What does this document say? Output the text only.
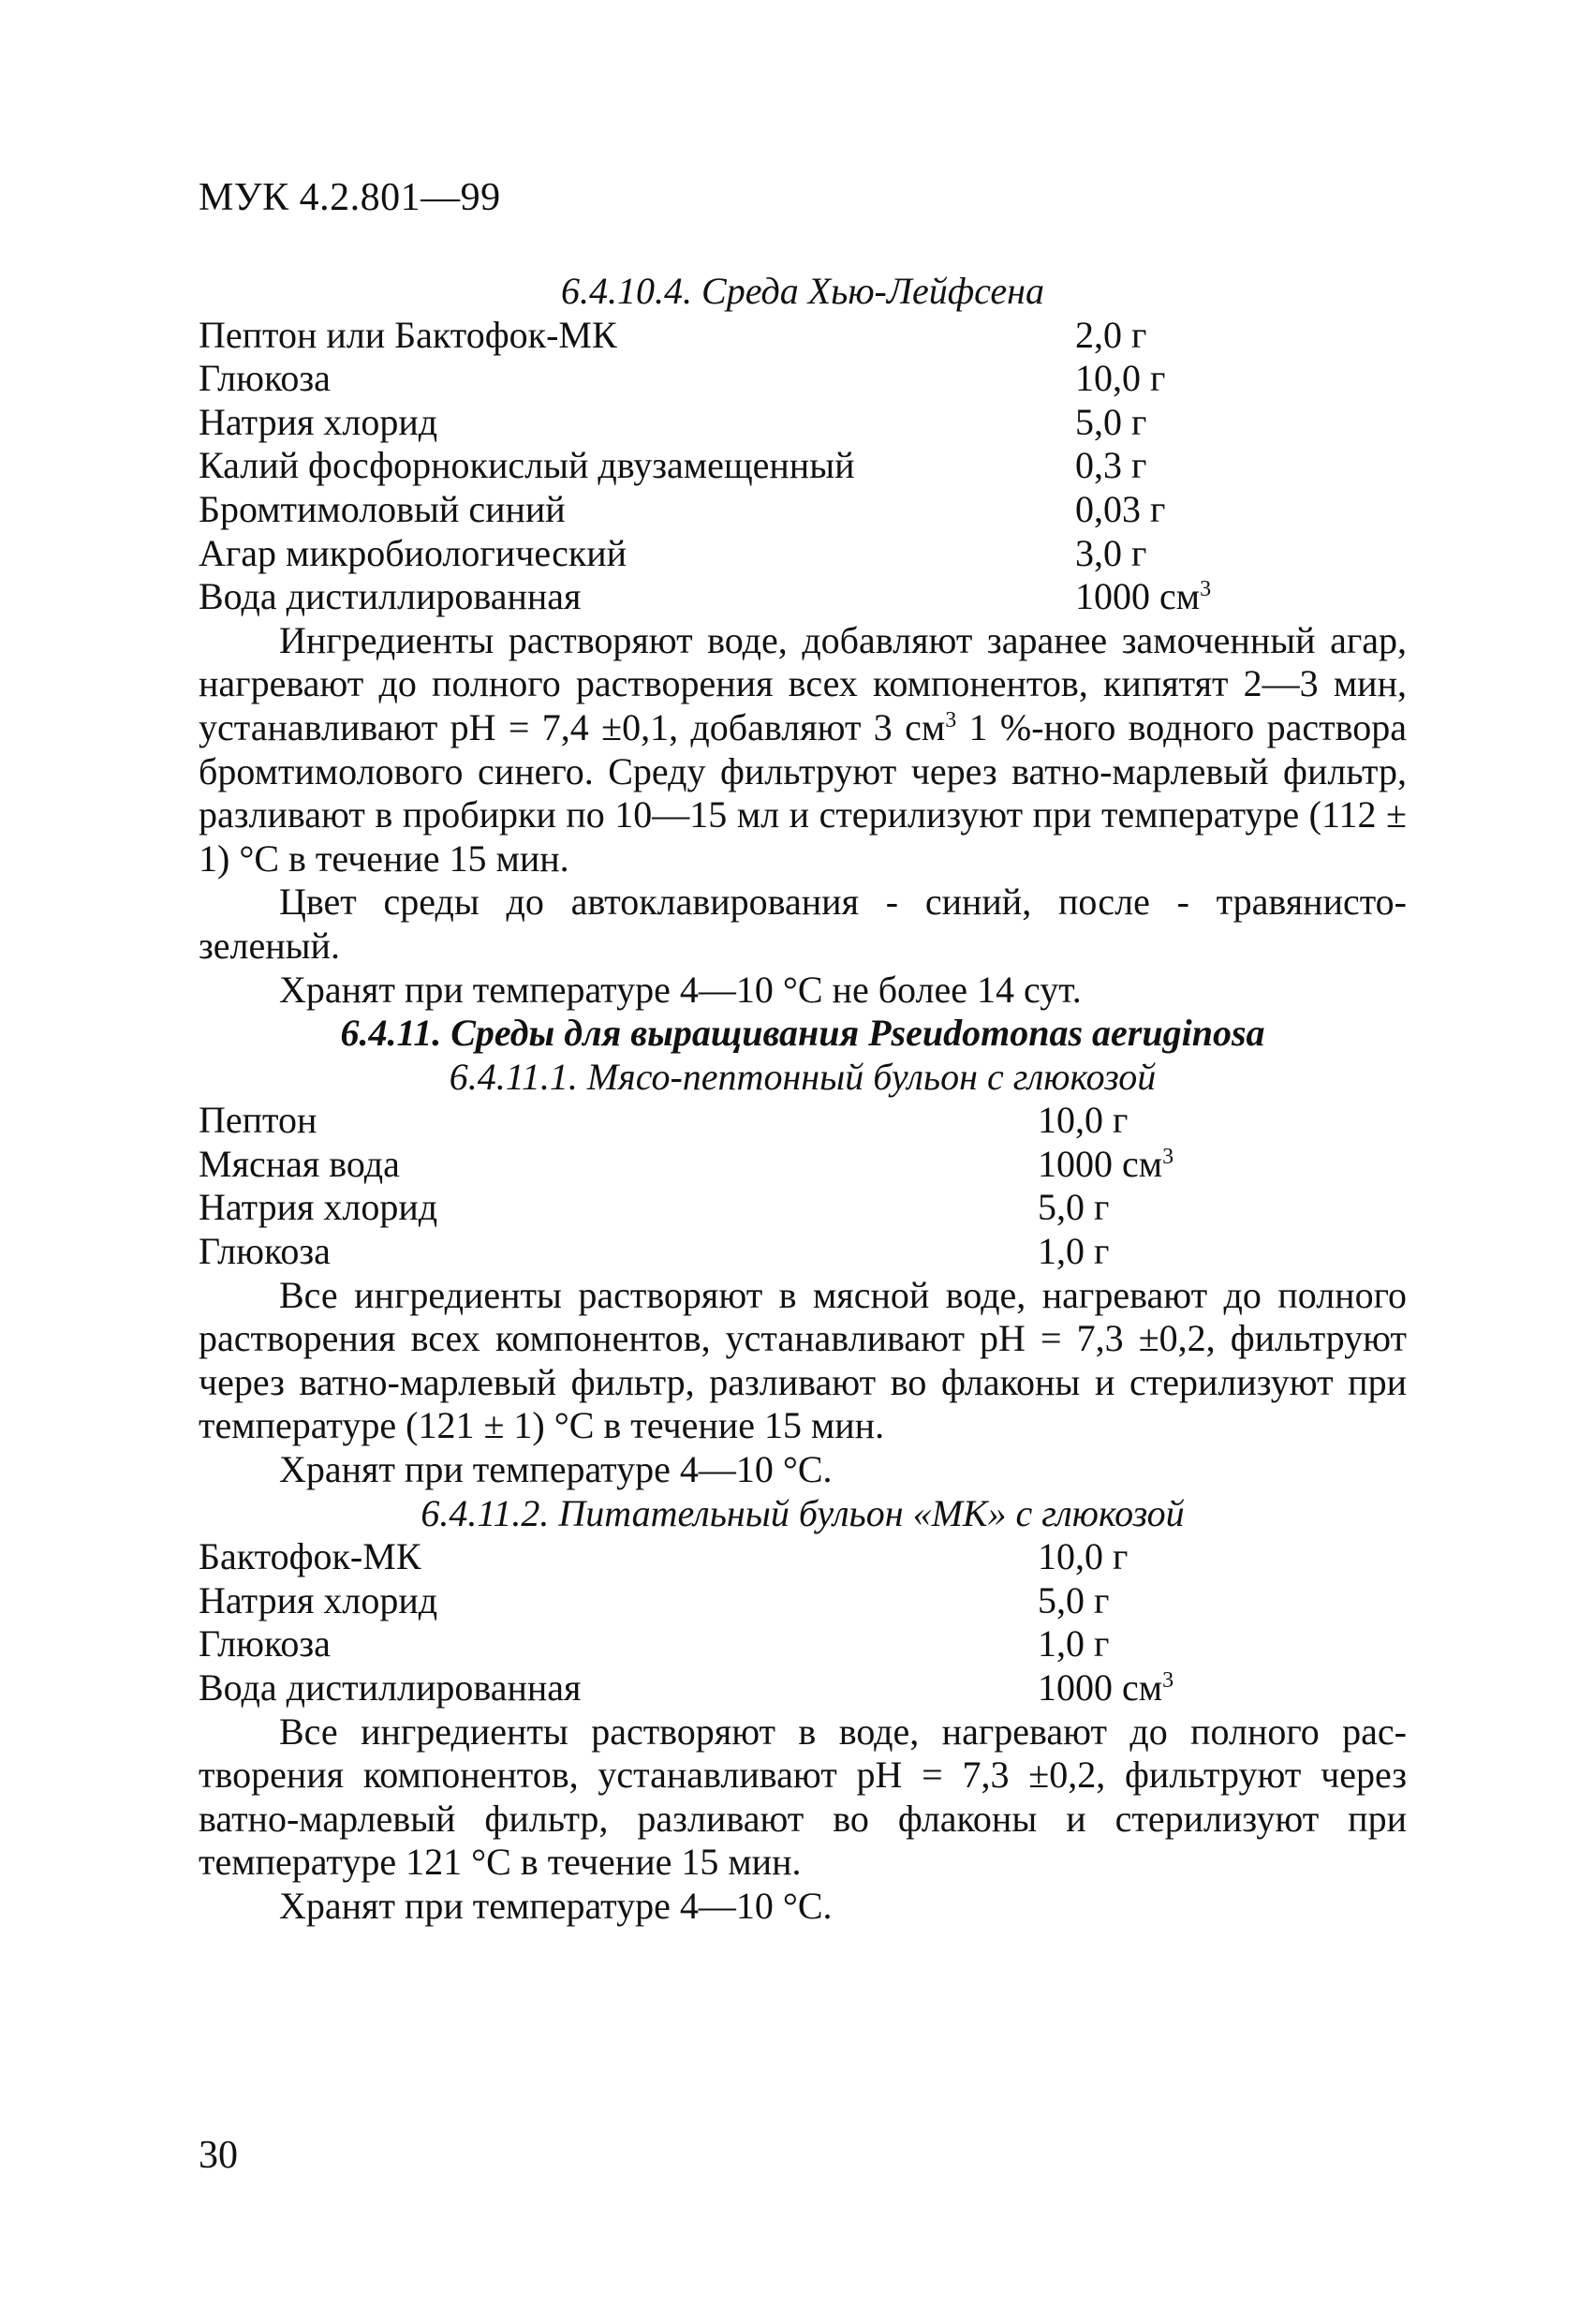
МУК 4.2.801—99

6.4.10.4. Среда Хью-Лейфсена

Пептон или Бактофок-МК	2,0 г
Глюкоза	10,0 г
Натрия хлорид	5,0 г
Калий фосфорнокислый двузамещенный	0,3 г
Бромтимоловый синий	0,03 г
Агар микробиологический	3,0 г
Вода дистиллированная	1000 $см^3$

Ингредиенты растворяют воде, добавляют заранее замоченный агар, нагревают до полного растворения всех компонентов, кипятят 2—3 мин, устанавливают pH = 7,4 ±0,1, добавляют 3 $см^3$ 1 %-ного водного раствора бромтимолового синего. Среду фильтруют через ватно-марлевый фильтр, разливают в пробирки по 10—15 мл и стерилизуют при температуре (112 ± 1) °С в течение 15 мин.

Цвет среды до автоклавирования - синий, после - травянисто-зеленый.

Хранят при температуре 4—10 °С не более 14 сут.

6.4.11. Среды для выращивания Pseudomonas aeruginosa

6.4.11.1. Мясо-пептонный бульон с глюкозой

Пептон	10,0 г
Мясная вода	1000 $см^3$
Натрия хлорид	5,0 г
Глюкоза	1,0 г

Все ингредиенты растворяют в мясной воде, нагревают до полного растворения всех компонентов, устанавливают pH = 7,3 ±0,2, фильтруют через ватно-марлевый фильтр, разливают во флаконы и стерилизуют при температуре (121 ± 1) °С в течение 15 мин.

Хранят при температуре 4—10 °С.

6.4.11.2. Питательный бульон «МК» с глюкозой

Бактофок-МК	10,0 г
Натрия хлорид	5,0 г
Глюкоза	1,0 г
Вода дистиллированная	1000 $см^3$

Все ингредиенты растворяют в воде, нагревают до полного растворения компонентов, устанавливают pH = 7,3 ±0,2, фильтруют через ватно-марлевый фильтр, разливают во флаконы и стерилизуют при температуре 121 °С в течение 15 мин.

Хранят при температуре 4—10 °С.

30
